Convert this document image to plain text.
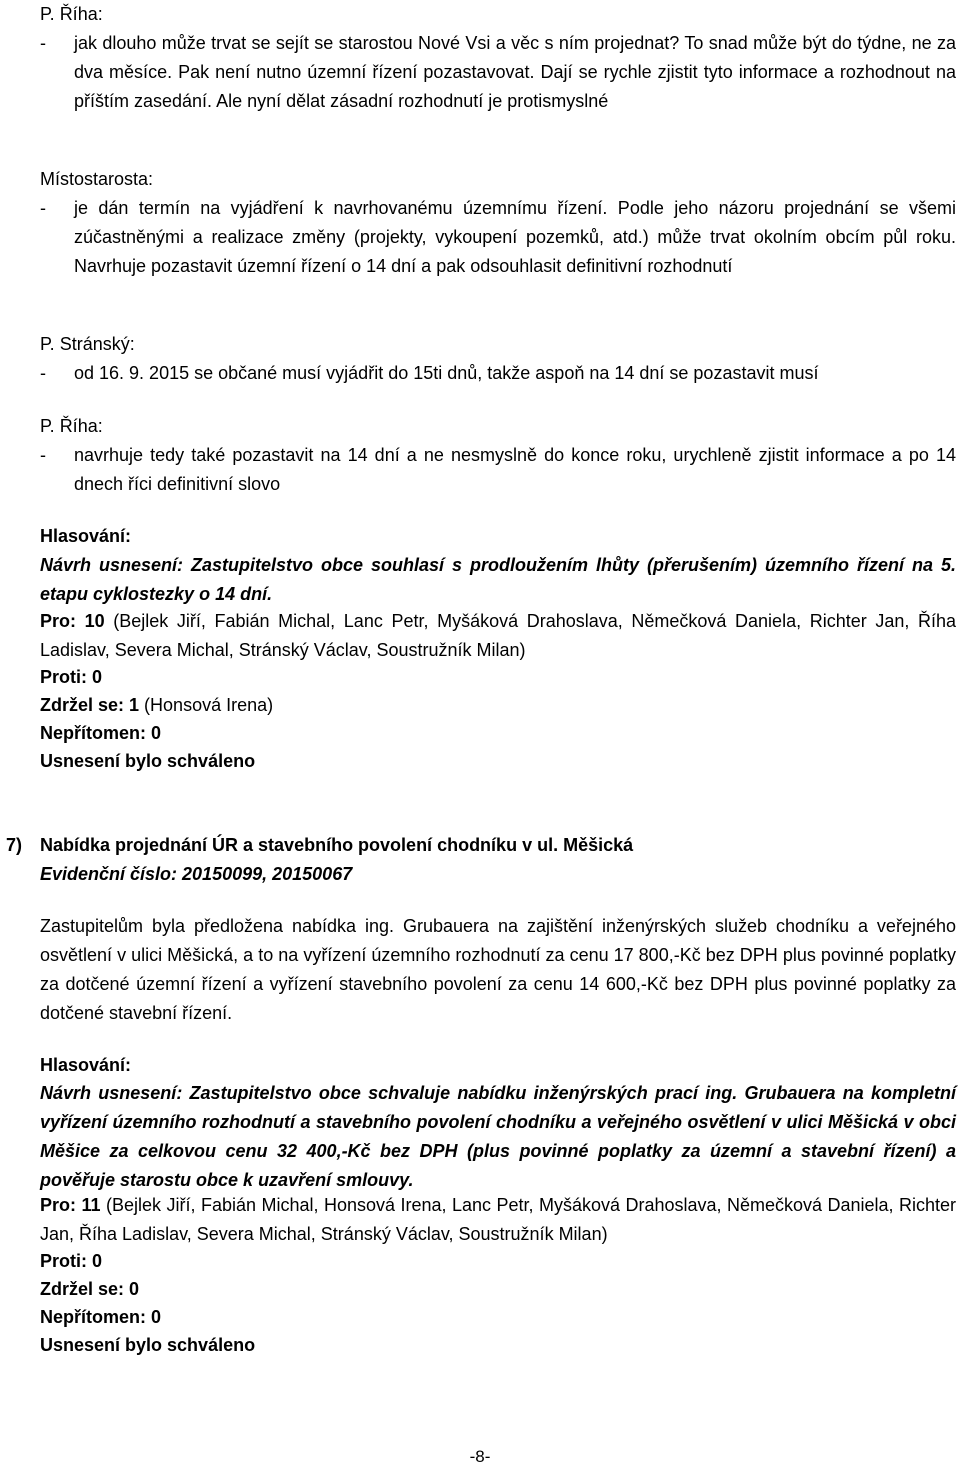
P. Říha:

- jak dlouho může trvat se sejít se starostou Nové Vsi a věc s ním projednat? To snad může být do týdne, ne za dva měsíce. Pak není nutno územní řízení pozastavovat. Dají se rychle zjistit tyto informace a rozhodnout na příštím zasedání. Ale nyní dělat zásadní rozhodnutí je protismyslné

Místostarosta:

- je dán termín na vyjádření k navrhovanému územnímu řízení. Podle jeho názoru projednání se všemi zúčastněnými a realizace změny (projekty, vykoupení pozemků, atd.) může trvat okolním obcím půl roku. Navrhuje pozastavit územní řízení o 14 dní a pak odsouhlasit definitivní rozhodnutí

P. Stránský:

- od 16. 9. 2015 se občané musí vyjádřit do 15ti dnů, takže aspoň na 14 dní se pozastavit musí

P. Říha:

- navrhuje tedy také pozastavit na 14 dní a ne nesmyslně do konce roku, urychleně zjistit informace a po 14 dnech říci definitivní slovo

Hlasování:

Návrh usnesení: Zastupitelstvo obce souhlasí s prodloužením lhůty (přerušením) územního řízení na 5. etapu cyklostezky o 14 dní.

Pro: 10 (Bejlek Jiří, Fabián Michal, Lanc Petr, Myšáková Drahoslava, Němečková Daniela, Richter Jan, Říha Ladislav, Severa Michal, Stránský Václav, Soustružník Milan)

Proti: 0

Zdržel se: 1 (Honsová Irena)

Nepřítomen: 0

Usnesení bylo schváleno

7) Nabídka projednání ÚR a stavebního povolení chodníku v ul. Měšická
Evidenční číslo: 20150099, 20150067

Zastupitelům byla předložena nabídka ing. Grubauera na zajištění inženýrských služeb chodníku a veřejného osvětlení v ulici Měšická, a to na vyřízení územního rozhodnutí za cenu 17 800,-Kč bez DPH plus povinné poplatky za dotčené územní řízení a vyřízení stavebního povolení za cenu 14 600,-Kč bez DPH plus povinné poplatky za dotčené stavební řízení.

Hlasování:

Návrh usnesení: Zastupitelstvo obce schvaluje nabídku inženýrských prací ing. Grubauera na kompletní vyřízení územního rozhodnutí a stavebního povolení chodníku a veřejného osvětlení v ulici Měšická v obci Měšice za celkovou cenu 32 400,-Kč bez DPH (plus povinné poplatky za územní a stavební řízení) a pověřuje starostu obce k uzavření smlouvy.

Pro: 11 (Bejlek Jiří, Fabián Michal, Honsová Irena, Lanc Petr, Myšáková Drahoslava, Němečková Daniela, Richter Jan, Říha Ladislav, Severa Michal, Stránský Václav, Soustružník Milan)

Proti: 0

Zdržel se: 0

Nepřítomen: 0

Usnesení bylo schváleno

-8-
